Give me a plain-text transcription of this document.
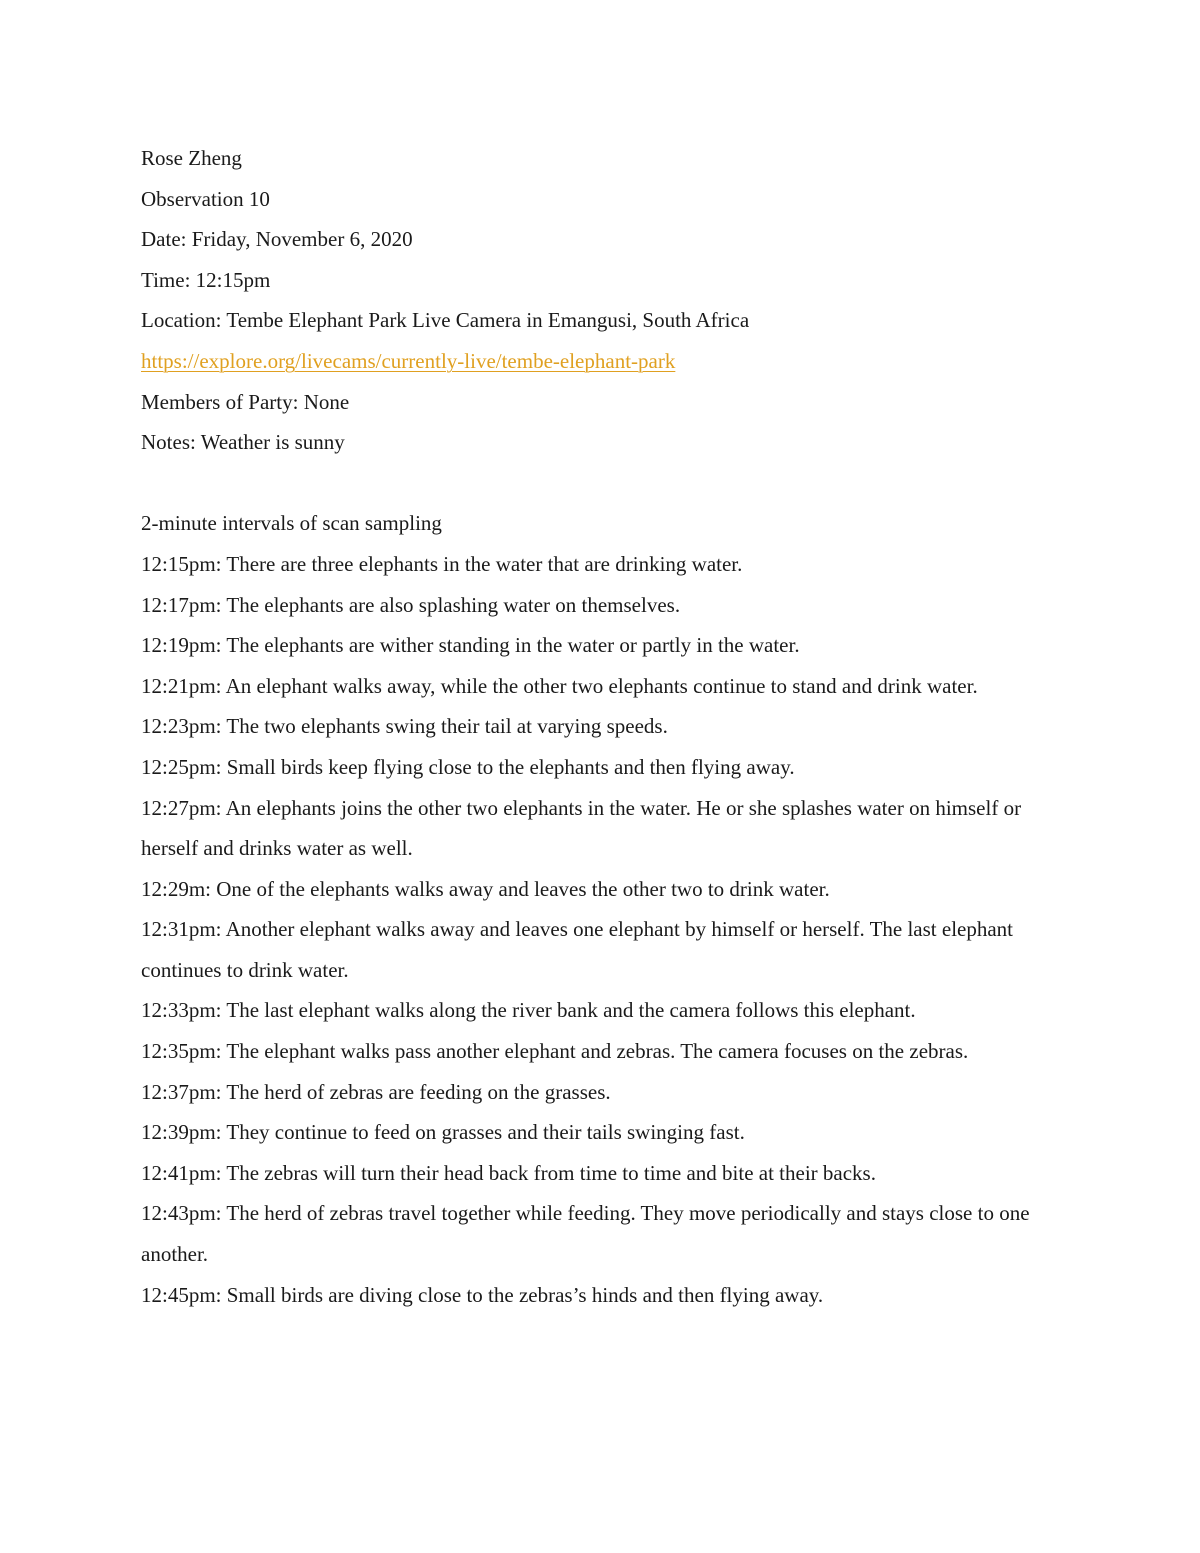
Rose Zheng

Observation 10

Date: Friday, November 6, 2020

Time: 12:15pm

Location: Tembe Elephant Park Live Camera in Emangusi, South Africa

https://explore.org/livecams/currently-live/tembe-elephant-park

Members of Party: None

Notes: Weather is sunny

2-minute intervals of scan sampling

12:15pm: There are three elephants in the water that are drinking water.

12:17pm: The elephants are also splashing water on themselves.

12:19pm: The elephants are wither standing in the water or partly in the water.

12:21pm: An elephant walks away, while the other two elephants continue to stand and drink water.

12:23pm: The two elephants swing their tail at varying speeds.

12:25pm: Small birds keep flying close to the elephants and then flying away.

12:27pm: An elephants joins the other two elephants in the water. He or she splashes water on himself or herself and drinks water as well.

12:29m: One of the elephants walks away and leaves the other two to drink water.

12:31pm: Another elephant walks away and leaves one elephant by himself or herself. The last elephant continues to drink water.

12:33pm: The last elephant walks along the river bank and the camera follows this elephant.

12:35pm: The elephant walks pass another elephant and zebras. The camera focuses on the zebras.

12:37pm: The herd of zebras are feeding on the grasses.

12:39pm: They continue to feed on grasses and their tails swinging fast.

12:41pm: The zebras will turn their head back from time to time and bite at their backs.

12:43pm: The herd of zebras travel together while feeding. They move periodically and stays close to one another.

12:45pm: Small birds are diving close to the zebras’s hinds and then flying away.
